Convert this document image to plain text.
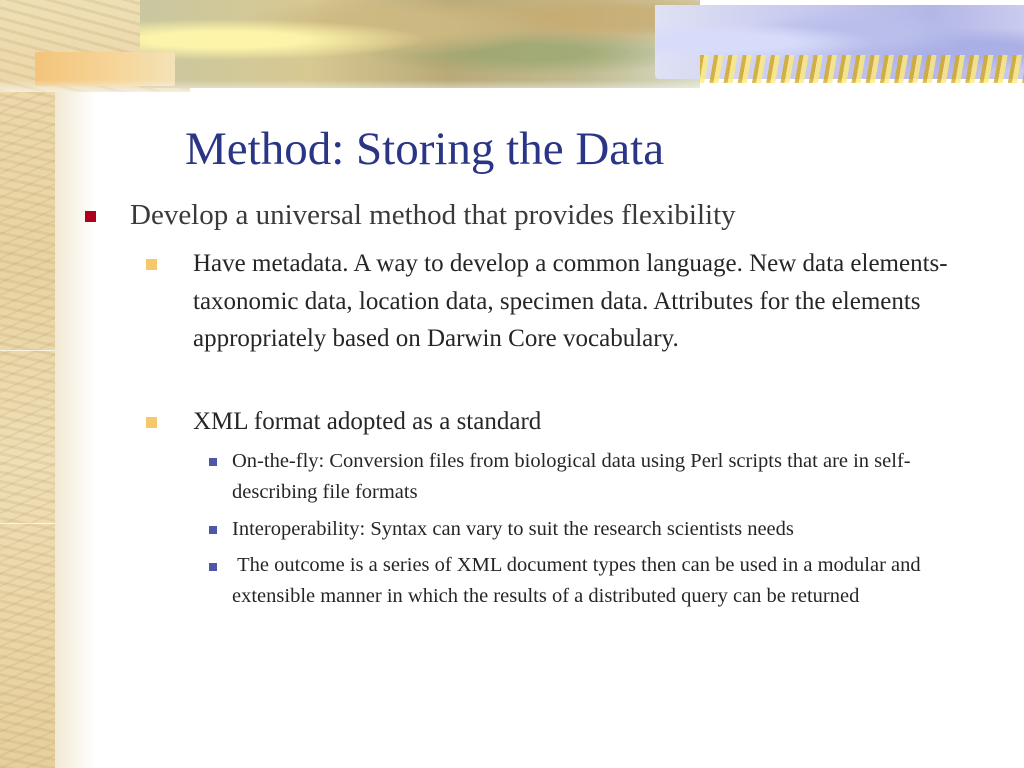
Method: Storing the Data
Develop a universal method that provides flexibility
Have metadata. A way to develop a common language. New data elements- taxonomic data, location data, specimen data. Attributes for the elements appropriately based on Darwin Core vocabulary.
XML format adopted as a standard
On-the-fly: Conversion files from biological data using Perl scripts that are in self-describing file formats
Interoperability: Syntax can vary to suit the research scientists needs
The outcome is a series of XML document types then can be used in a modular and extensible manner in which the results of a distributed query can be returned
